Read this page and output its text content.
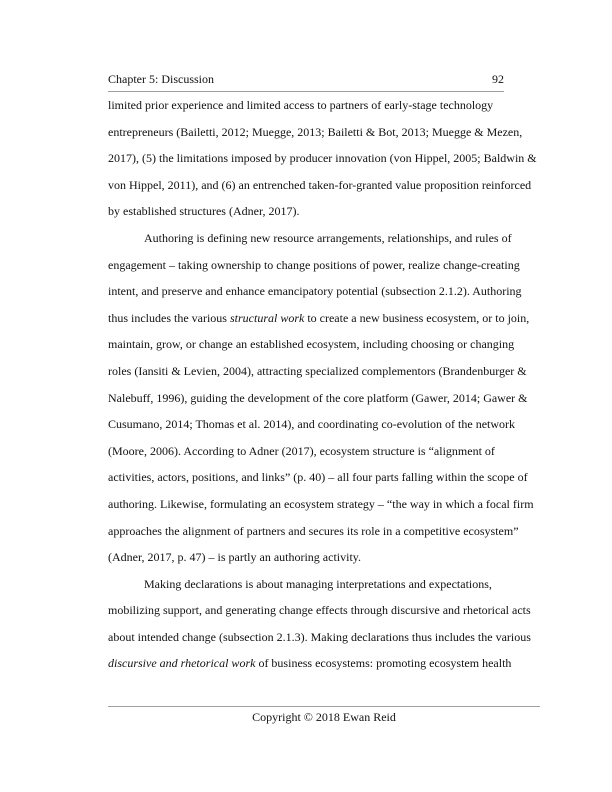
Chapter 5: Discussion	92
limited prior experience and limited access to partners of early-stage technology
entrepreneurs (Bailetti, 2012; Muegge, 2013; Bailetti & Bot, 2013; Muegge & Mezen,
2017), (5) the limitations imposed by producer innovation (von Hippel, 2005; Baldwin &
von Hippel, 2011), and (6) an entrenched taken-for-granted value proposition reinforced
by established structures (Adner, 2017).
Authoring is defining new resource arrangements, relationships, and rules of
engagement – taking ownership to change positions of power, realize change-creating
intent, and preserve and enhance emancipatory potential (subsection 2.1.2). Authoring
thus includes the various structural work to create a new business ecosystem, or to join,
maintain, grow, or change an established ecosystem, including choosing or changing
roles (Iansiti & Levien, 2004), attracting specialized complementors (Brandenburger &
Nalebuff, 1996), guiding the development of the core platform (Gawer, 2014; Gawer &
Cusumano, 2014; Thomas et al. 2014), and coordinating co-evolution of the network
(Moore, 2006). According to Adner (2017), ecosystem structure is “alignment of
activities, actors, positions, and links” (p. 40) – all four parts falling within the scope of
authoring. Likewise, formulating an ecosystem strategy – “the way in which a focal firm
approaches the alignment of partners and secures its role in a competitive ecosystem”
(Adner, 2017, p. 47) – is partly an authoring activity.
Making declarations is about managing interpretations and expectations,
mobilizing support, and generating change effects through discursive and rhetorical acts
about intended change (subsection 2.1.3). Making declarations thus includes the various
discursive and rhetorical work of business ecosystems: promoting ecosystem health
Copyright © 2018 Ewan Reid
